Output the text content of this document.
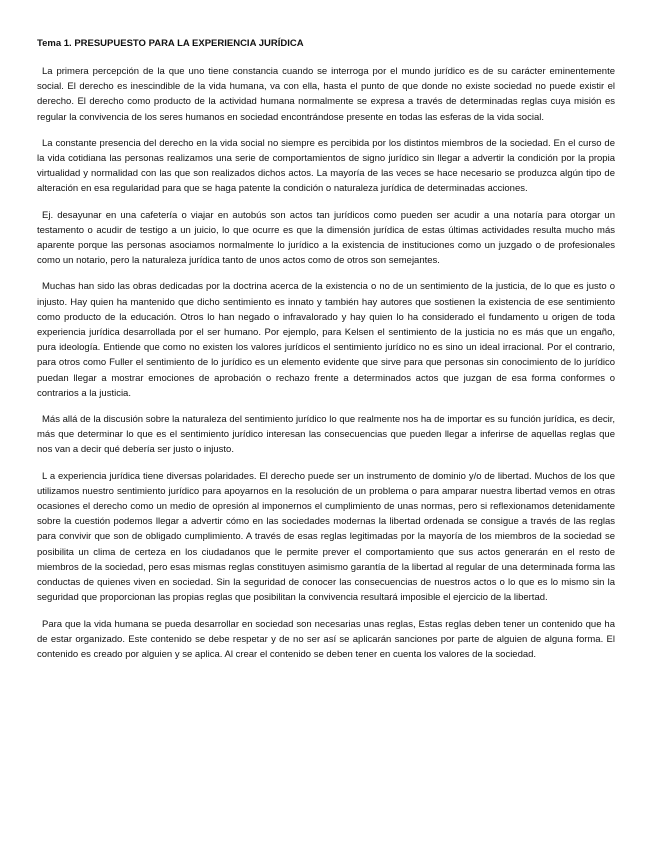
Tema 1. PRESUPUESTO PARA LA EXPERIENCIA JURÍDICA

La primera percepción de la que uno tiene constancia cuando se interroga por el mundo jurídico es de su carácter eminentemente social. El derecho es inescindible de la vida humana, va con ella, hasta el punto de que donde no existe sociedad no puede existir el derecho. El derecho como producto de la actividad humana normalmente se expresa a través de determinadas reglas cuya misión es regular la convivencia de los seres humanos en sociedad encontrándose presente en todas las esferas de la vida social.

La constante presencia del derecho en la vida social no siempre es percibida por los distintos miembros de la sociedad. En el curso de la vida cotidiana las personas realizamos una serie de comportamientos de signo jurídico sin llegar a advertir la condición por la propia virtualidad y normalidad con las que son realizados dichos actos. La mayoría de las veces se hace necesario se produzca algún tipo de alteración en esa regularidad para que se haga patente la condición o naturaleza jurídica de determinadas acciones.

Ej. desayunar en una cafetería o viajar en autobús son actos tan jurídicos como pueden ser acudir a una notaría para otorgar un testamento o acudir de testigo a un juicio, lo que ocurre es que la dimensión jurídica de estas últimas actividades resulta mucho más aparente porque las personas asociamos normalmente lo jurídico a la existencia de instituciones como un juzgado o de profesionales como un notario, pero la naturaleza jurídica tanto de unos actos como de otros son semejantes.

Muchas han sido las obras dedicadas por la doctrina acerca de la existencia o no de un sentimiento de la justicia, de lo que es justo o injusto. Hay quien ha mantenido que dicho sentimiento es innato y también hay autores que sostienen la existencia de ese sentimiento como producto de la educación. Otros lo han negado o infravalorado y hay quien lo ha considerado el fundamento u origen de toda experiencia jurídica desarrollada por el ser humano. Por ejemplo, para Kelsen el sentimiento de la justicia no es más que un engaño, pura ideología. Entiende que como no existen los valores jurídicos el sentimiento jurídico no es sino un ideal irracional. Por el contrario, para otros como Fuller el sentimiento de lo jurídico es un elemento evidente que sirve para que personas sin conocimiento de lo jurídico puedan llegar a mostrar emociones de aprobación o rechazo frente a determinados actos que juzgan de esa forma conformes o contrarios a la justicia.

Más allá de la discusión sobre la naturaleza del sentimiento jurídico lo que realmente nos ha de importar es su función jurídica, es decir, más que determinar lo que es el sentimiento jurídico interesan las consecuencias que pueden llegar a inferirse de aquellas reglas que nos van a decir qué debería ser justo o injusto.

L a experiencia jurídica tiene diversas polaridades. El derecho puede ser un instrumento de dominio y/o de libertad. Muchos de los que utilizamos nuestro sentimiento jurídico para apoyarnos en la resolución de un problema o para amparar nuestra libertad vemos en otras ocasiones el derecho como un medio de opresión al imponernos el cumplimiento de unas normas, pero si reflexionamos detenidamente sobre la cuestión podemos llegar a advertir cómo en las sociedades modernas la libertad ordenada se consigue a través de las reglas para convivir que son de obligado cumplimiento. A través de esas reglas legitimadas por la mayoría de los miembros de la sociedad se posibilita un clima de certeza en los ciudadanos que le permite prever el comportamiento que sus actos generarán en el resto de miembros de la sociedad, pero esas mismas reglas constituyen asimismo garantía de la libertad al regular de una determinada forma las conductas de quienes viven en sociedad. Sin la seguridad de conocer las consecuencias de nuestros actos o lo que es lo mismo sin la seguridad que proporcionan las propias reglas que posibilitan la convivencia resultará imposible el ejercicio de la libertad.

Para que la vida humana se pueda desarrollar en sociedad son necesarias unas reglas, Estas reglas deben tener un contenido que ha de estar organizado. Este contenido se debe respetar y de no ser así se aplicarán sanciones por parte de alguien de alguna forma. El contenido es creado por alguien y se aplica. Al crear el contenido se deben tener en cuenta los valores de la sociedad.
